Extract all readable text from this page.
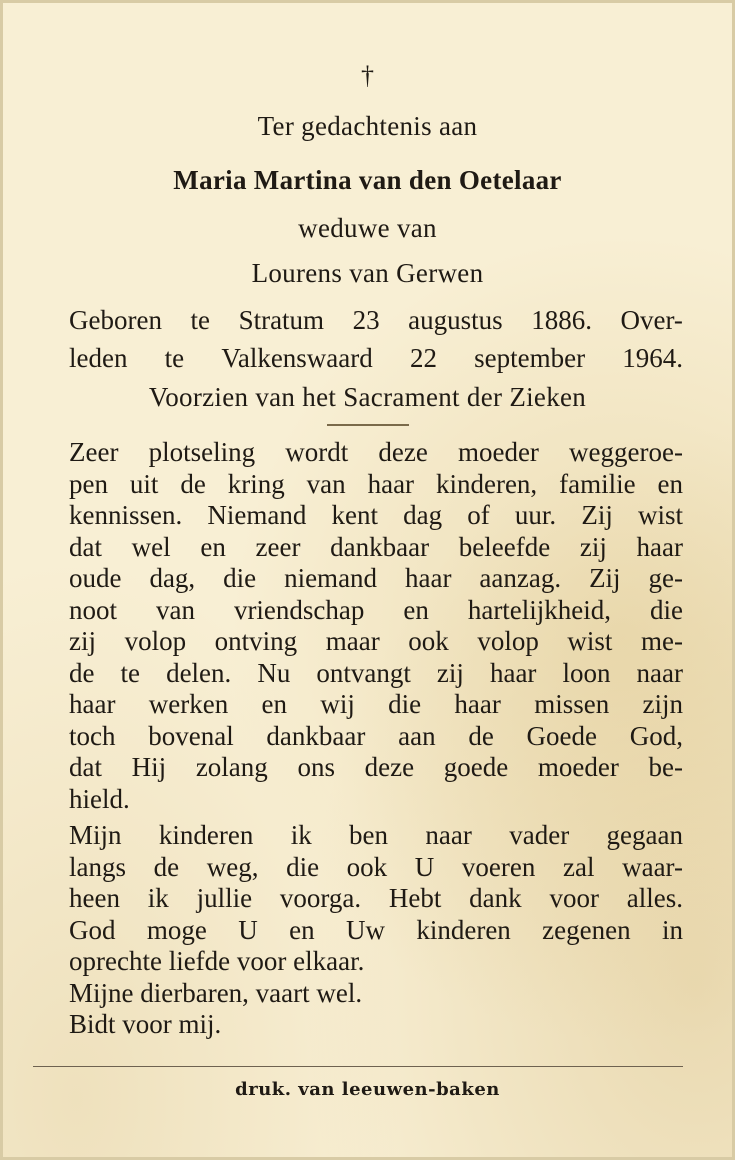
†
Ter gedachtenis aan
Maria Martina van den Oetelaar
weduwe van
Lourens van Gerwen
Geboren te Stratum 23 augustus 1886. Over-
leden te Valkenswaard 22 september 1964.
Voorzien van het Sacrament der Zieken
Zeer plotseling wordt deze moeder weggeroe-
pen uit de kring van haar kinderen, familie en
kennissen. Niemand kent dag of uur. Zij wist
dat wel en zeer dankbaar beleefde zij haar
oude dag, die niemand haar aanzag. Zij ge-
noot van vriendschap en hartelijkheid, die
zij volop ontving maar ook volop wist me-
de te delen. Nu ontvangt zij haar loon naar
haar werken en wij die haar missen zijn
toch bovenal dankbaar aan de Goede God,
dat Hij zolang ons deze goede moeder be-
hield.
Mijn kinderen ik ben naar vader gegaan
langs de weg, die ook U voeren zal waar-
heen ik jullie voorga. Hebt dank voor alles.
God moge U en Uw kinderen zegenen in
oprechte liefde voor elkaar.
Mijne dierbaren, vaart wel.
Bidt voor mij.
druk. van leeuwen-baken
